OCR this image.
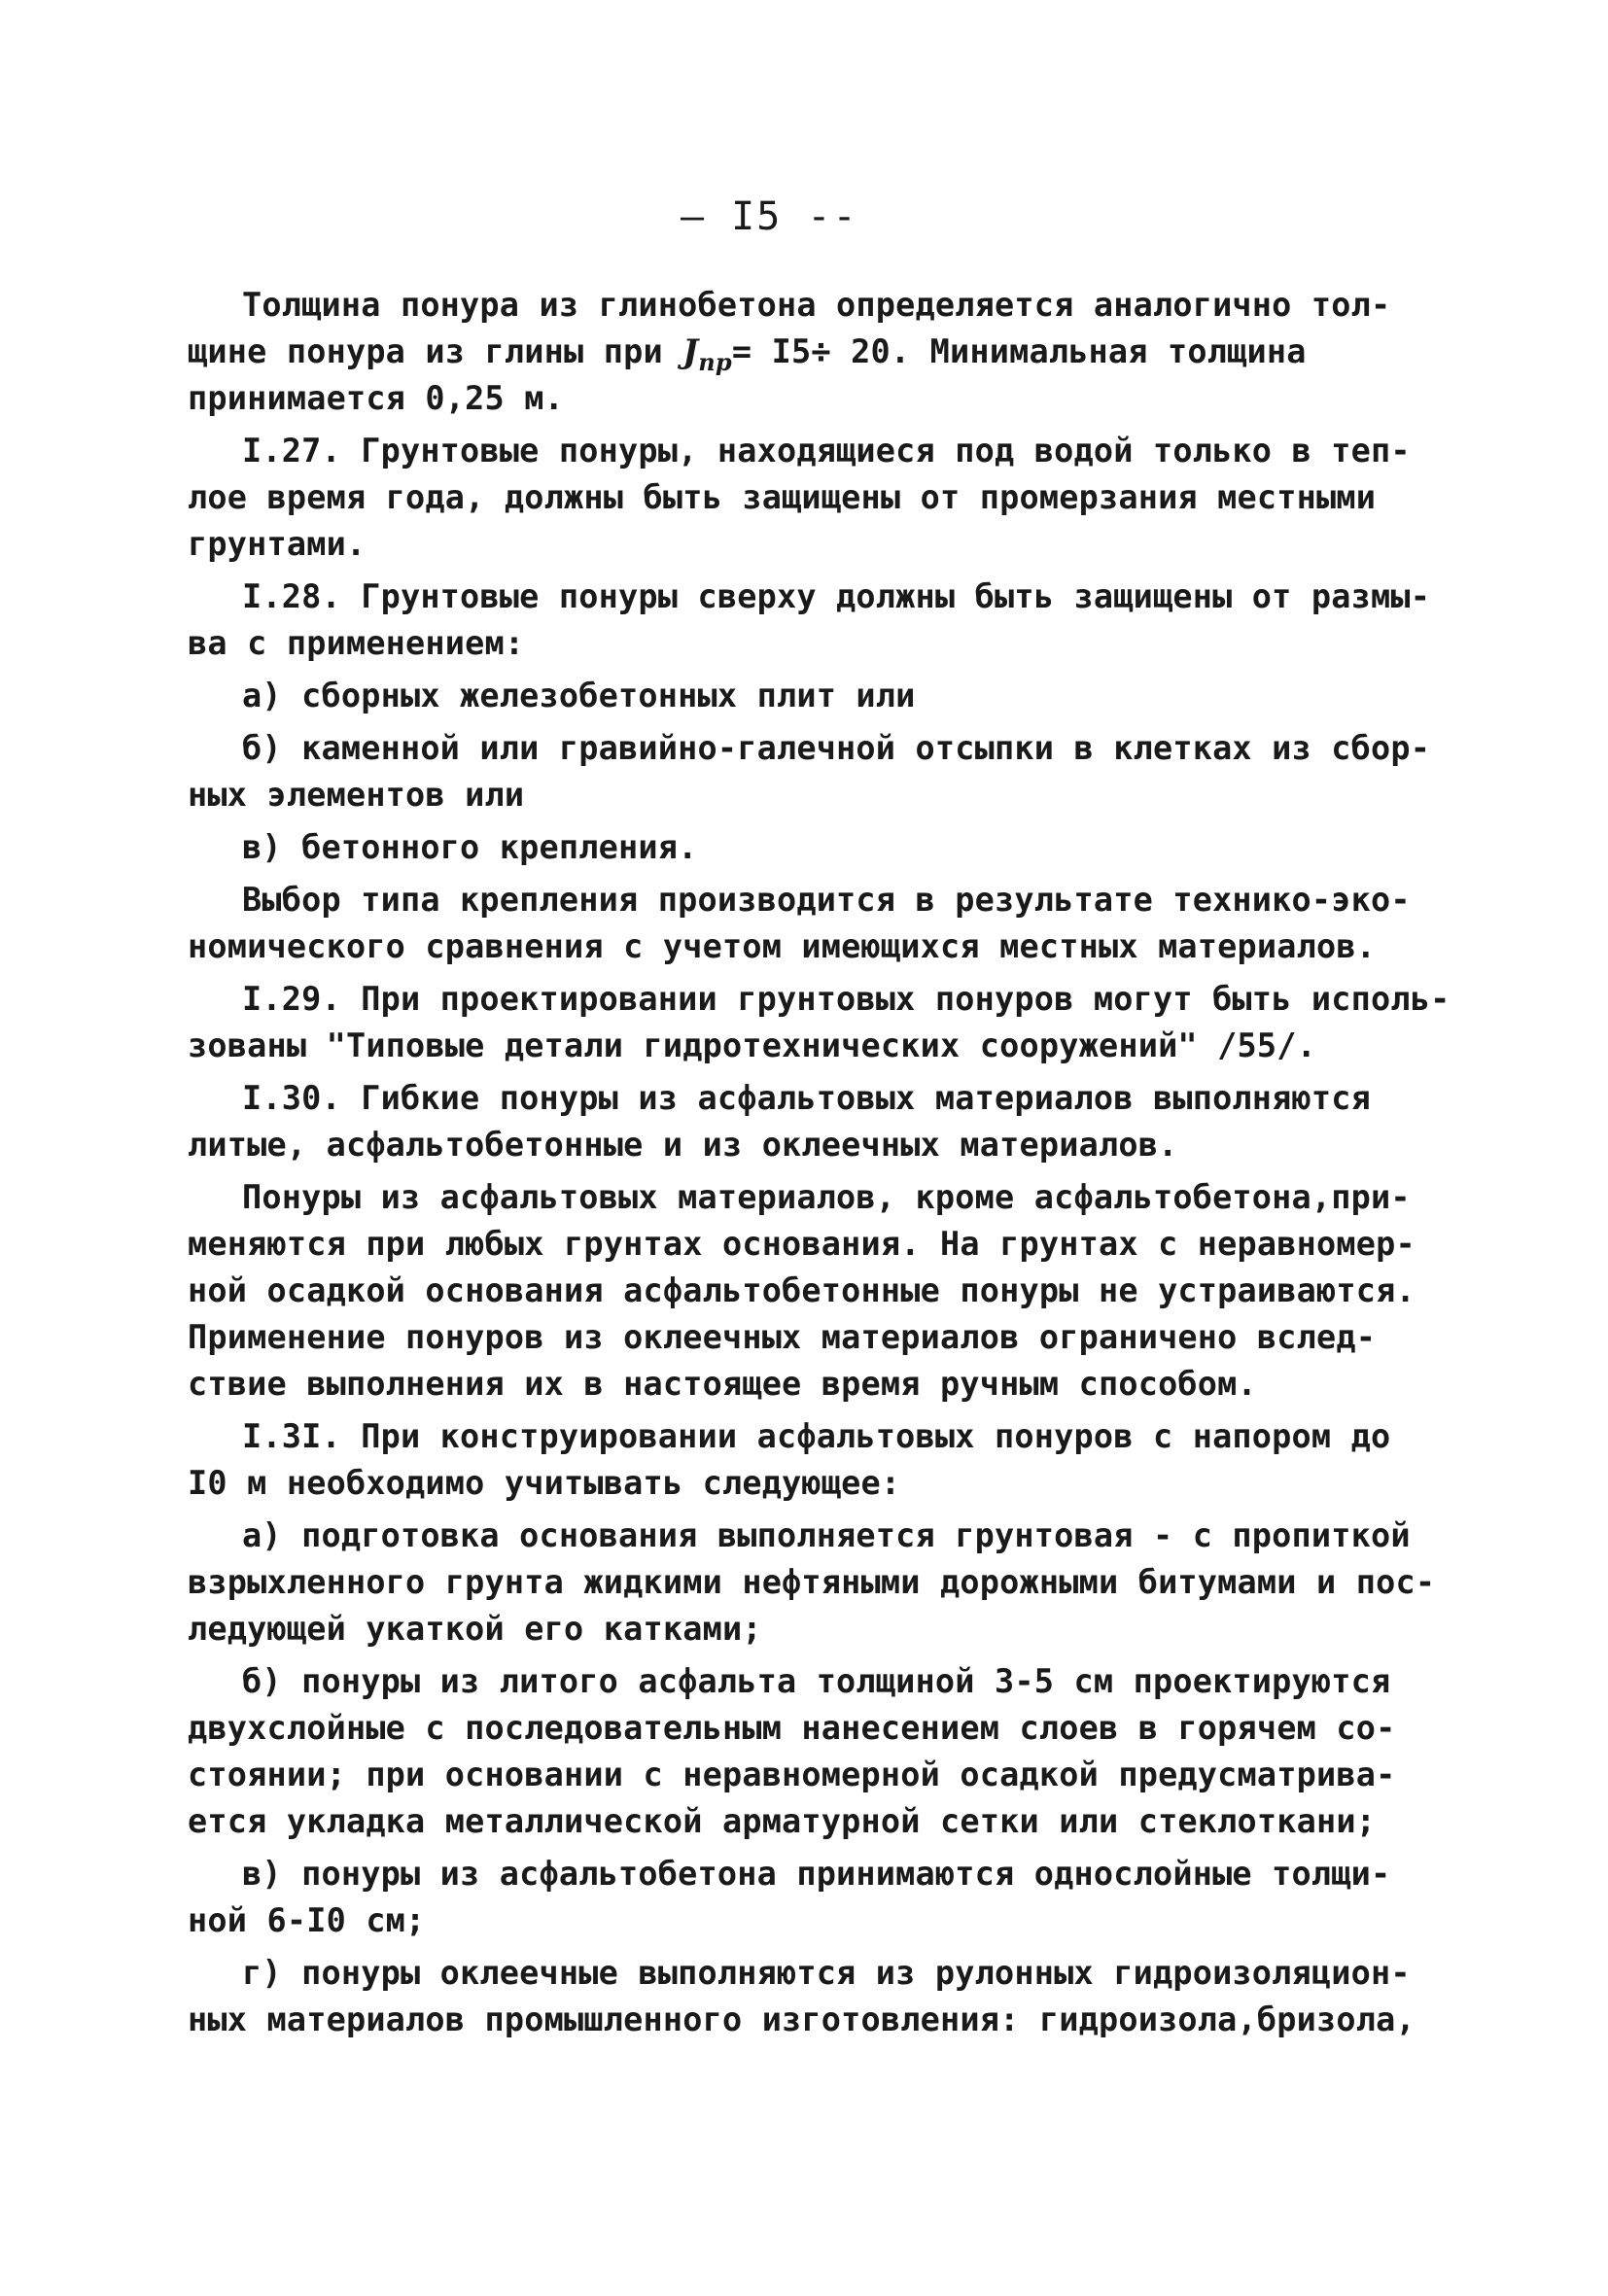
— I5 --
Толщина понура из глинобетона определяется аналогично тол-
щине понура из глины при $J_{пр}= I5\div 20$. Минимальная толщина
принимается 0,25 м.
I.27. Грунтовые понуры, находящиеся под водой только в теп-
лое время года, должны быть защищены от промерзания местными
грунтами.
I.28. Грунтовые понуры сверху должны быть защищены от размы-
ва с применением:
а) сборных железобетонных плит или
б) каменной или гравийно-галечной отсыпки в клетках из сбор-
ных элементов или
в) бетонного крепления.
Выбор типа крепления производится в результате технико-эко-
номического сравнения с учетом имеющихся местных материалов.
I.29. При проектировании грунтовых понуров могут быть исполь-
зованы "Типовые детали гидротехнических сооружений" /55/.
I.30. Гибкие понуры из асфальтовых материалов выполняются
литые, асфальтобетонные и из оклеечных материалов.
Понуры из асфальтовых материалов, кроме асфальтобетона,при-
меняются при любых грунтах основания. На грунтах с неравномер-
ной осадкой основания асфальтобетонные понуры не устраиваются.
Применение понуров из оклеечных материалов ограничено вслед-
ствие выполнения их в настоящее время ручным способом.
I.3I. При конструировании асфальтовых понуров с напором до
I0 м необходимо учитывать следующее:
а) подготовка основания выполняется грунтовая - с пропиткой
взрыхленного грунта жидкими нефтяными дорожными битумами и пос-
ледующей укаткой его катками;
б) понуры из литого асфальта толщиной 3-5 см проектируются
двухслойные с последовательным нанесением слоев в горячем со-
стоянии; при основании с неравномерной осадкой предусматрива-
ется укладка металлической арматурной сетки или стеклоткани;
в) понуры из асфальтобетона принимаются однослойные толщи-
ной 6-I0 см;
г) понуры оклеечные выполняются из рулонных гидроизоляцион-
ных материалов промышленного изготовления: гидроизола,бризола,
